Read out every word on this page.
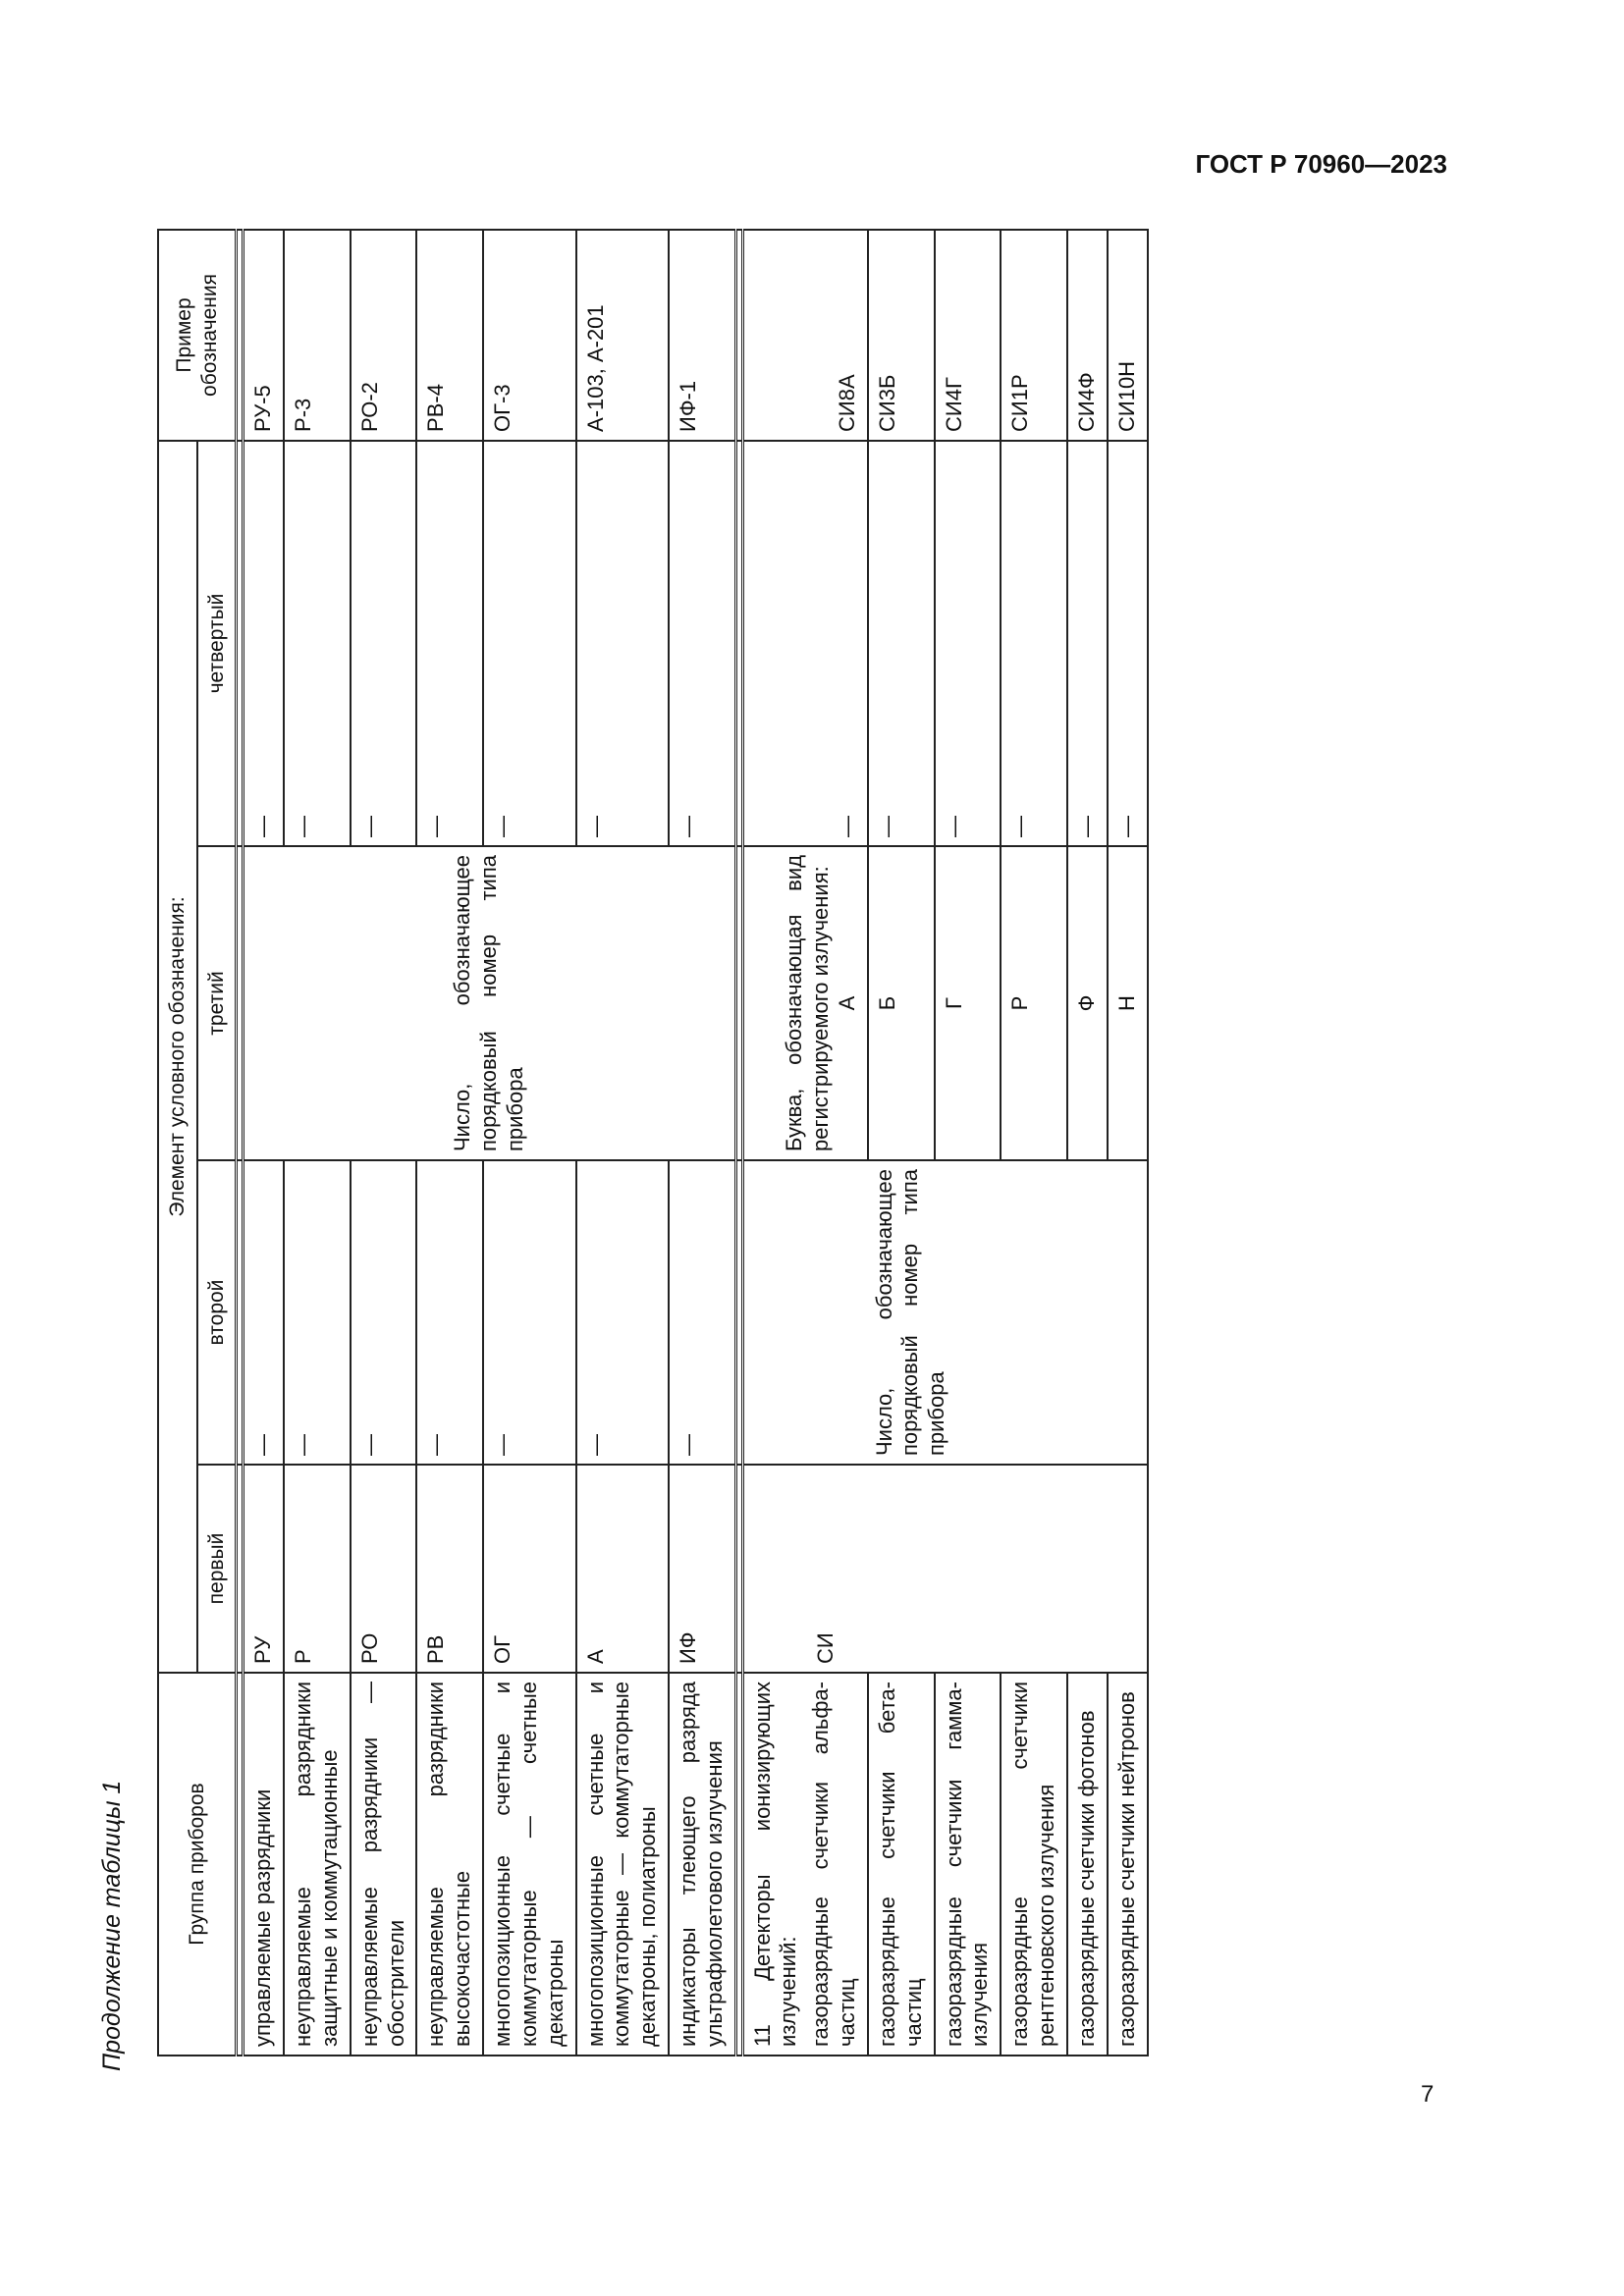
ГОСТ Р 70960—2023
Продолжение таблицы 1	Группа приборов	Элемент условного обозначения:				Пример обозначения
	первый	второй	третий	четвертый	

управляемые разрядники	РУ	—	Число, обозначающее порядковый номер типа прибора	—	РУ-5
неуправляемые разрядники защитные и коммутационные	Р	—		—	Р-3
неуправляемые разрядники — обострители	РО	—		—	РО-2
неуправляемые разрядники высокочастотные	РВ	—		—	РВ-4
многопозиционные счетные и коммутаторные — счетные декатроны	ОГ	—		—	ОГ-3
многопозиционные счетные и коммутаторные — коммутаторные декатроны, полиатроны	А	—		—	А-103, А-201
индикаторы тлеющего разряда ультрафиолетового излучения	ИФ	—		—	ИФ-1

11 Детекторы ионизирующих излучений: газоразрядные счетчики альфа-частиц	СИ	Число, обозначающее порядковый номер типа прибора	Буква, обозначающая вид регистрируемого излучения: А	—	СИ8А
газоразрядные счетчики бета-частиц			Б	—	СИ3Б
газоразрядные счетчики гамма-излучения			Г	—	СИ4Г
газоразрядные счетчики рентгеновского излучения			Р	—	СИ1Р
газоразрядные счетчики фотонов			Ф	—	СИ4Ф
газоразрядные счетчики нейтронов			Н	—	СИ10Н
7
